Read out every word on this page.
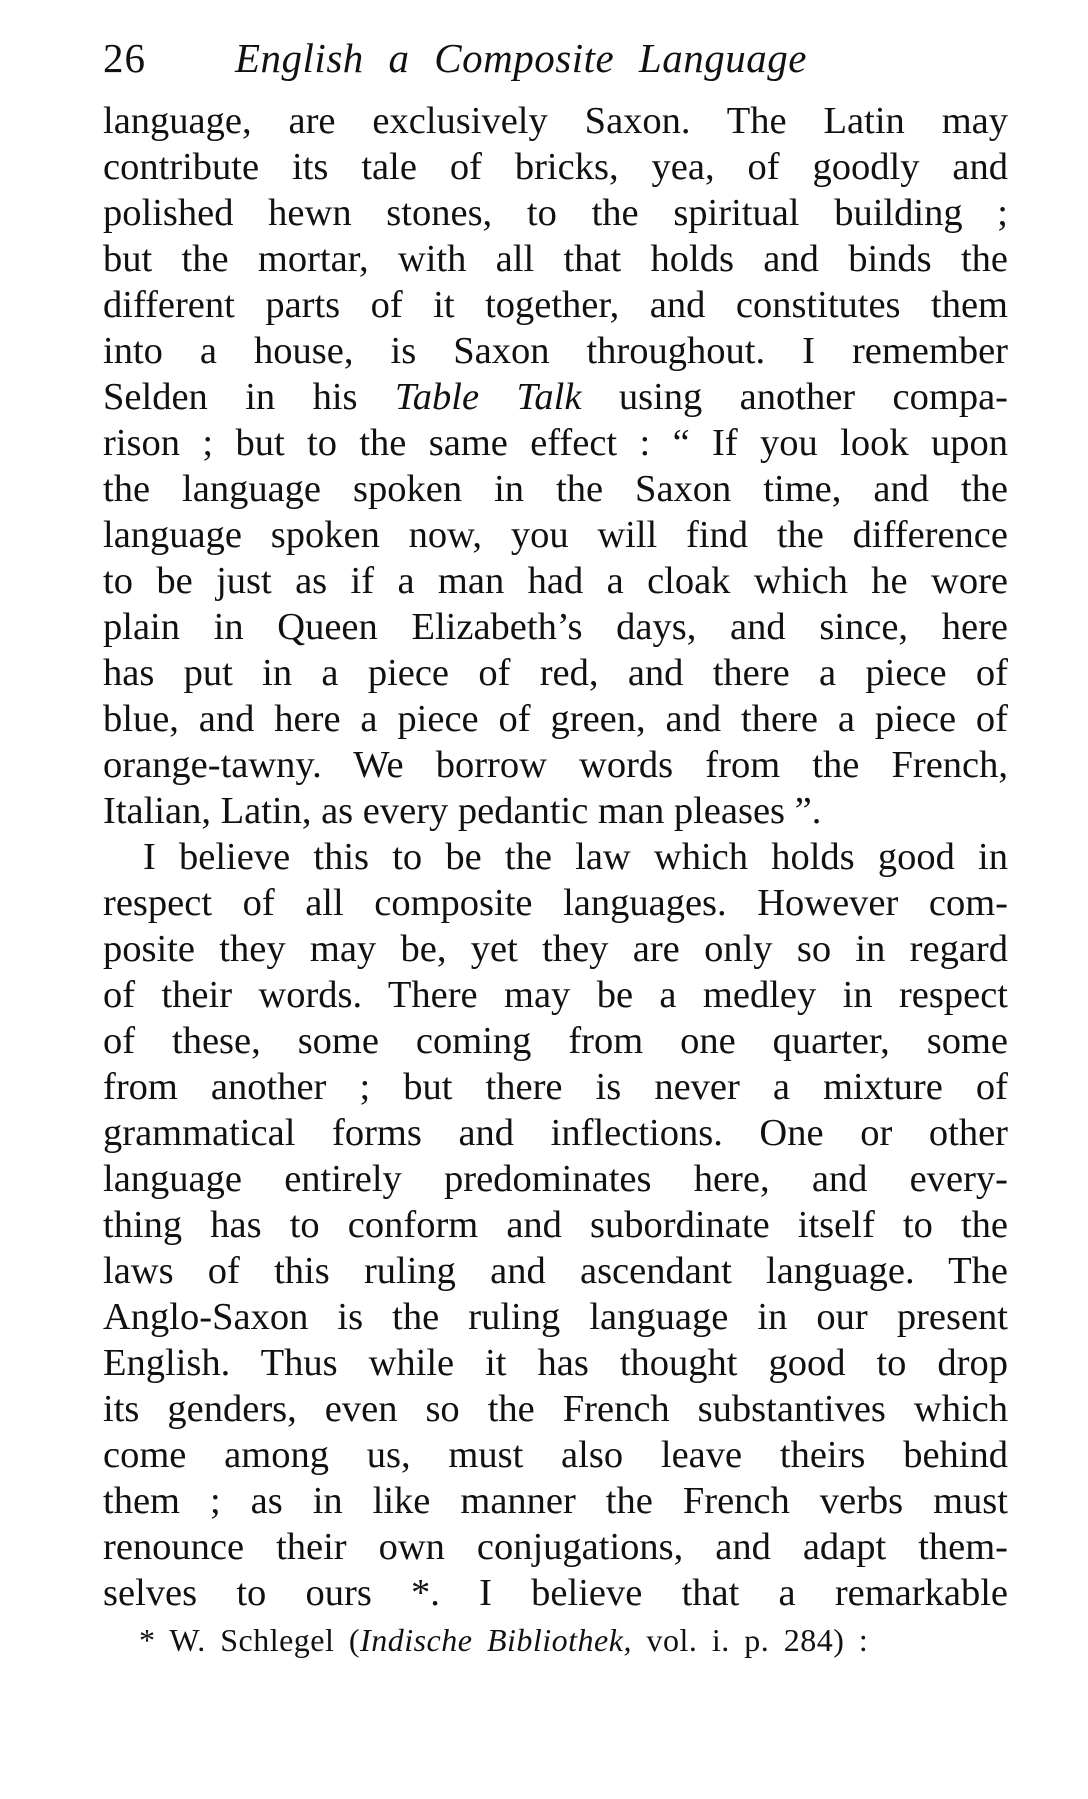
26 English a Composite Language
language, are exclusively Saxon. The Latin may
contribute its tale of bricks, yea, of goodly and
polished hewn stones, to the spiritual building ;
but the mortar, with all that holds and binds the
different parts of it together, and constitutes them
into a house, is Saxon throughout. I remember
Selden in his Table Talk using another compa-
rison ; but to the same effect : “ If you look upon
the language spoken in the Saxon time, and the
language spoken now, you will find the difference
to be just as if a man had a cloak which he wore
plain in Queen Elizabeth’s days, and since, here
has put in a piece of red, and there a piece of
blue, and here a piece of green, and there a piece of
orange-tawny. We borrow words from the French,
Italian, Latin, as every pedantic man pleases ”.
I believe this to be the law which holds good in
respect of all composite languages. However com-
posite they may be, yet they are only so in regard
of their words. There may be a medley in respect
of these, some coming from one quarter, some
from another ; but there is never a mixture of
grammatical forms and inflections. One or other
language entirely predominates here, and every-
thing has to conform and subordinate itself to the
laws of this ruling and ascendant language. The
Anglo-Saxon is the ruling language in our present
English. Thus while it has thought good to drop
its genders, even so the French substantives which
come among us, must also leave theirs behind
them ; as in like manner the French verbs must
renounce their own conjugations, and adapt them-
selves to ours *. I believe that a remarkable
* W. Schlegel (Indische Bibliothek, vol. i. p. 284) :
